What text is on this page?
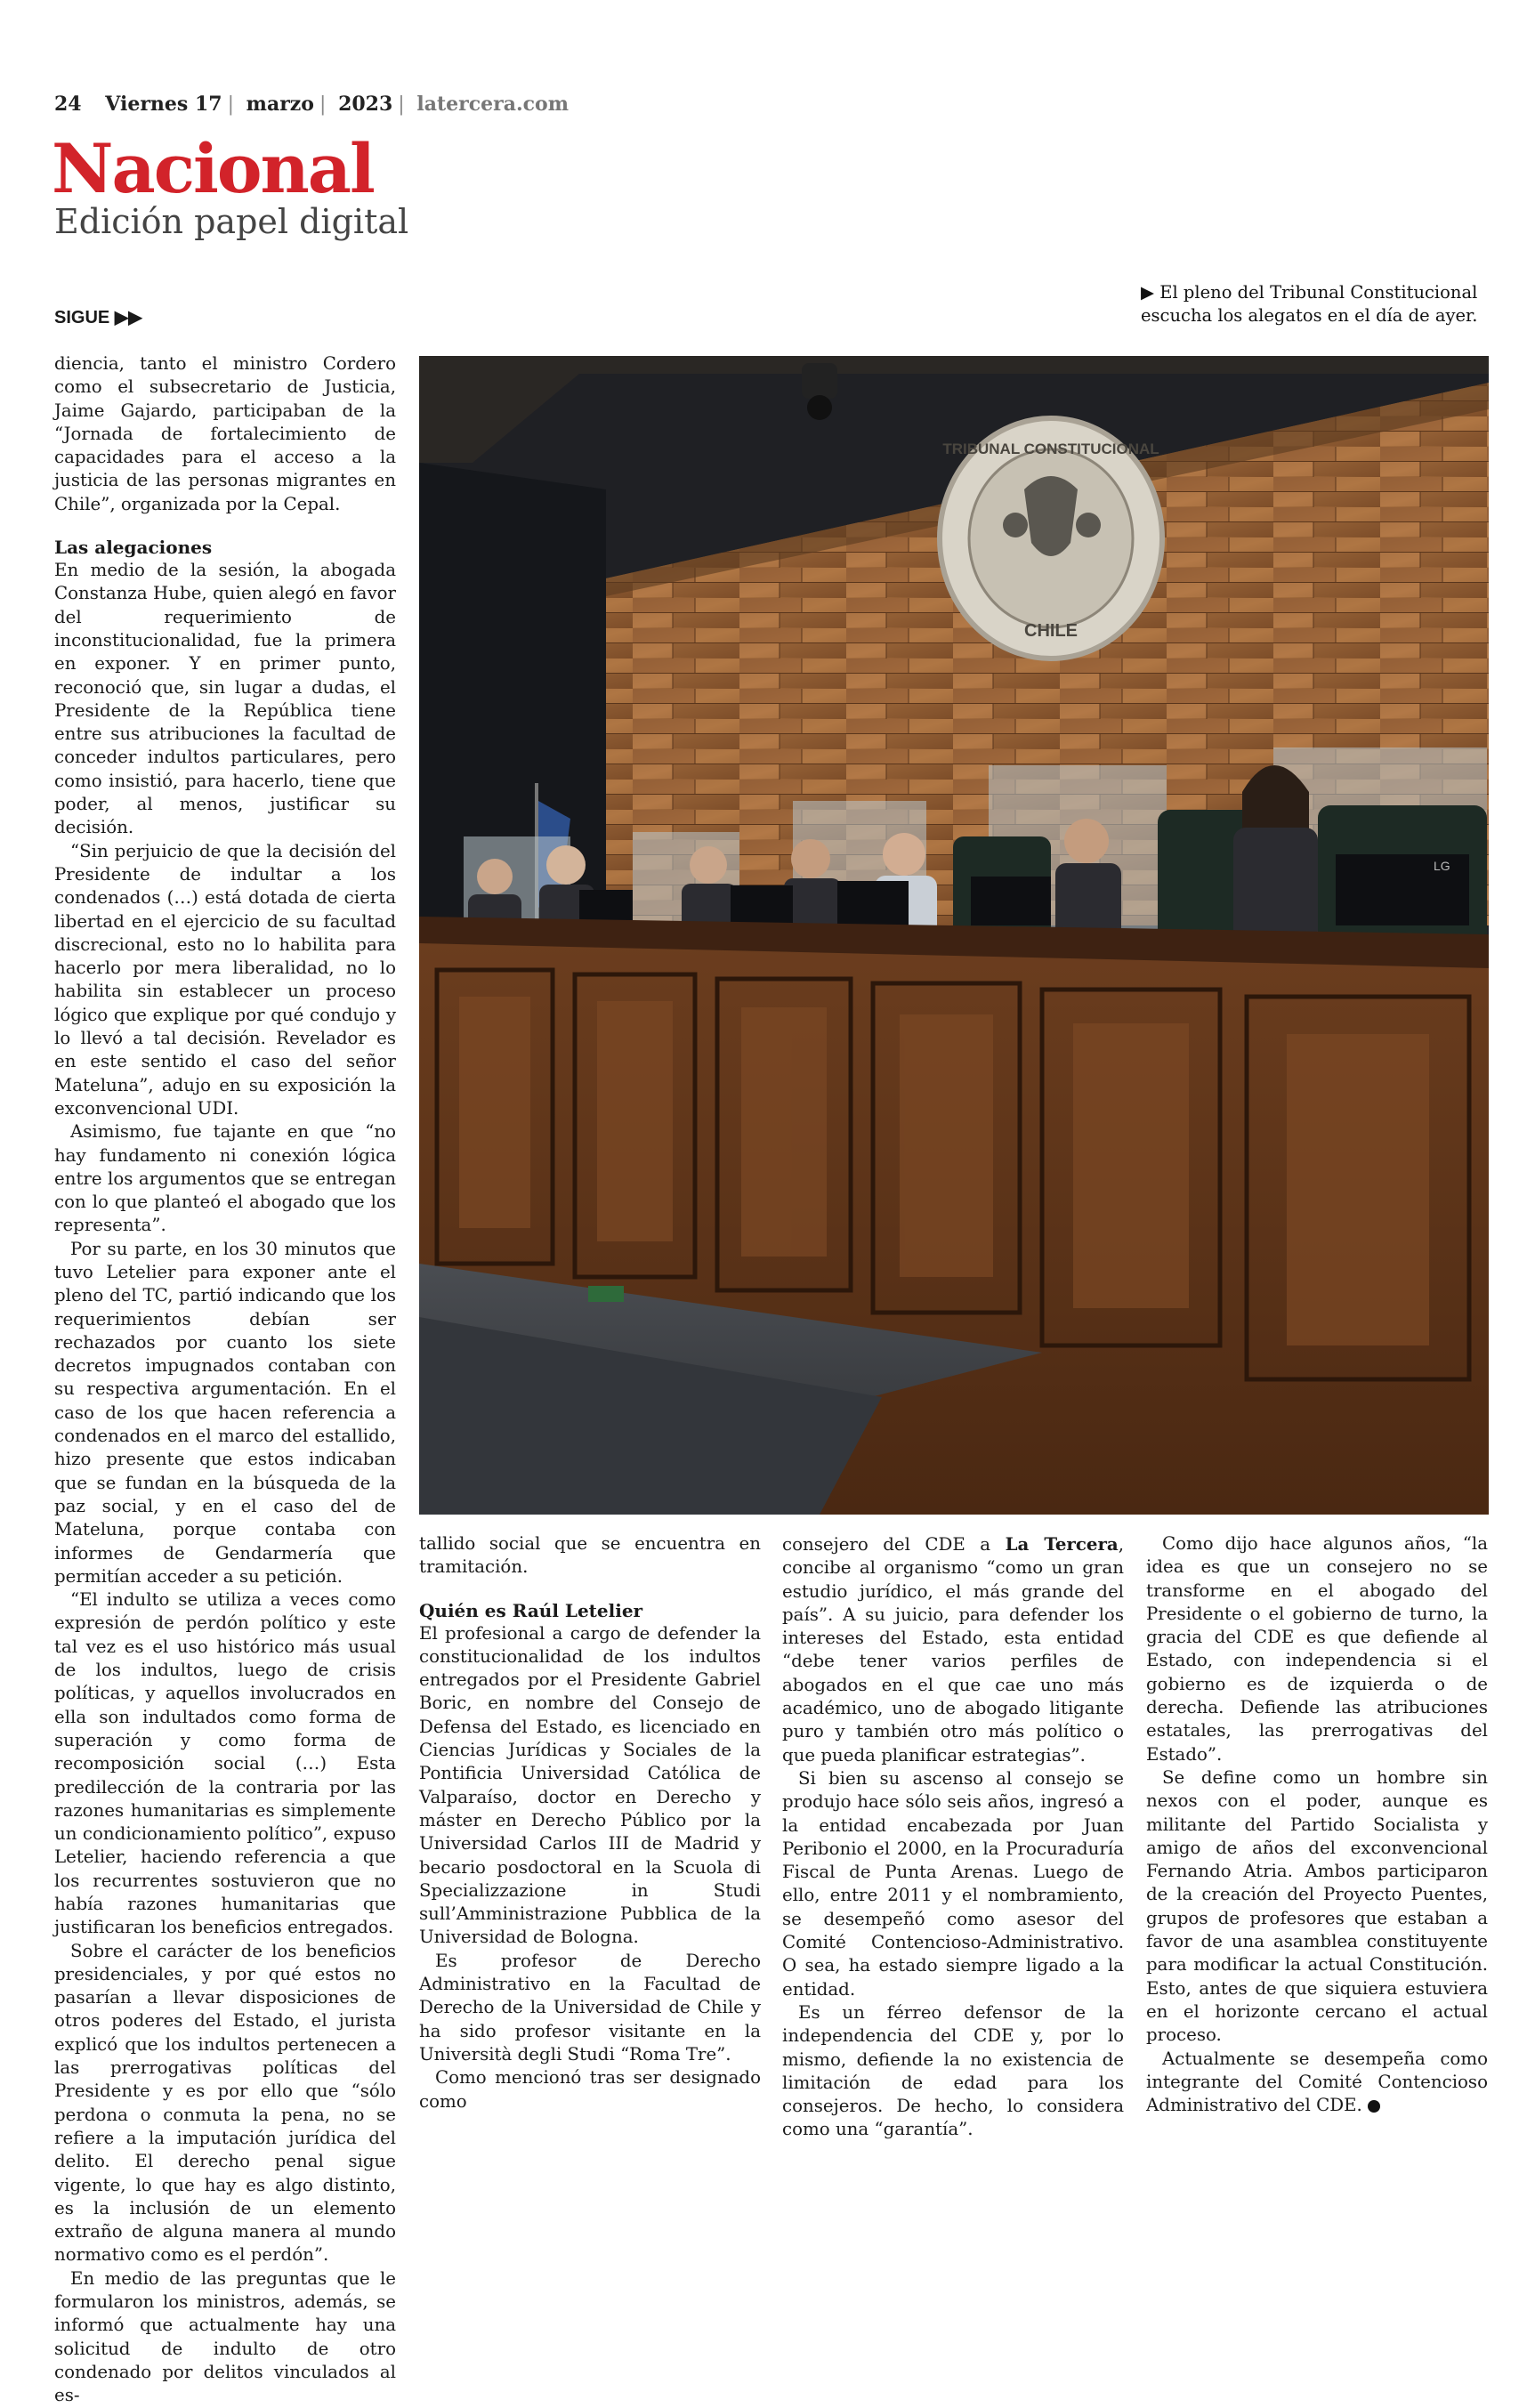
24 Viernes 17 | marzo | 2023 | latercera.com
Nacional
Edición papel digital
SIGUE ▶▶
▶ El pleno del Tribunal Constitucional escucha los alegatos en el día de ayer.
TRIBUNAL CONSTITUCIONAL
CHILE
LG

diencia, tanto el ministro Cordero como el subsecretario de Justicia, Jaime Gajardo, participaban de la “Jornada de fortalecimiento de capacidades para el acceso a la justicia de las personas migrantes en Chile”, organizada por la Cepal.

Las alegaciones

En medio de la sesión, la abogada Constanza Hube, quien alegó en favor del requerimiento de inconstitucionalidad, fue la primera en exponer. Y en primer punto, reconoció que, sin lugar a dudas, el Presidente de la República tiene entre sus atribuciones la facultad de conceder indultos particulares, pero como insistió, para hacerlo, tiene que poder, al menos, justificar su decisión.

“Sin perjuicio de que la decisión del Presidente de indultar a los condenados (…) está dotada de cierta libertad en el ejercicio de su facultad discrecional, esto no lo habilita para hacerlo por mera liberalidad, no lo habilita sin establecer un proceso lógico que explique por qué condujo y lo llevó a tal decisión. Revelador es en este sentido el caso del señor Mateluna”, adujo en su exposición la exconvencional UDI.

Asimismo, fue tajante en que “no hay fundamento ni conexión lógica entre los argumentos que se entregan con lo que planteó el abogado que los representa”.

Por su parte, en los 30 minutos que tuvo Letelier para exponer ante el pleno del TC, partió indicando que los requerimientos debían ser rechazados por cuanto los siete decretos impugnados contaban con su respectiva argumentación. En el caso de los que hacen referencia a condenados en el marco del estallido, hizo presente que estos indicaban que se fundan en la búsqueda de la paz social, y en el caso del de Mateluna, porque contaba con informes de Gendarmería que permitían acceder a su petición.

“El indulto se utiliza a veces como expresión de perdón político y este tal vez es el uso histórico más usual de los indultos, luego de crisis políticas, y aquellos involucrados en ella son indultados como forma de superación y como forma de recomposición social (…) Esta predilección de la contraria por las razones humanitarias es simplemente un condicionamiento político”, expuso Letelier, haciendo referencia a que los recurrentes sostuvieron que no había razones humanitarias que justificaran los beneficios entregados.

Sobre el carácter de los beneficios presidenciales, y por qué estos no pasarían a llevar disposiciones de otros poderes del Estado, el jurista explicó que los indultos pertenecen a las prerrogativas políticas del Presidente y es por ello que “sólo perdona o conmuta la pena, no se refiere a la imputación jurídica del delito. El derecho penal sigue vigente, lo que hay es algo distinto, es la inclusión de un elemento extraño de alguna manera al mundo normativo como es el perdón”.

En medio de las preguntas que le formularon los ministros, además, se informó que actualmente hay una solicitud de indulto de otro condenado por delitos vinculados al es-

tallido social que se encuentra en tramitación.

Quién es Raúl Letelier

El profesional a cargo de defender la constitucionalidad de los indultos entregados por el Presidente Gabriel Boric, en nombre del Consejo de Defensa del Estado, es licenciado en Ciencias Jurídicas y Sociales de la Pontificia Universidad Católica de Valparaíso, doctor en Derecho y máster en Derecho Público por la Universidad Carlos III de Madrid y becario posdoctoral en la Scuola di Specializzazione in Studi sull’Amministrazione Pubblica de la Universidad de Bologna.

Es profesor de Derecho Administrativo en la Facultad de Derecho de la Universidad de Chile y ha sido profesor visitante en la Università degli Studi “Roma Tre”.

Como mencionó tras ser designado como

consejero del CDE a La Tercera, concibe al organismo “como un gran estudio jurídico, el más grande del país”. A su juicio, para defender los intereses del Estado, esta entidad “debe tener varios perfiles de abogados en el que cae uno más académico, uno de abogado litigante puro y también otro más político o que pueda planificar estrategias”.

Si bien su ascenso al consejo se produjo hace sólo seis años, ingresó a la entidad encabezada por Juan Peribonio el 2000, en la Procuraduría Fiscal de Punta Arenas. Luego de ello, entre 2011 y el nombramiento, se desempeñó como asesor del Comité Contencioso-Administrativo. O sea, ha estado siempre ligado a la entidad.

Es un férreo defensor de la independencia del CDE y, por lo mismo, defiende la no existencia de limitación de edad para los consejeros. De hecho, lo considera como una “garantía”.

Como dijo hace algunos años, “la idea es que un consejero no se transforme en el abogado del Presidente o el gobierno de turno, la gracia del CDE es que defiende al Estado, con independencia si el gobierno es de izquierda o de derecha. Defiende las atribuciones estatales, las prerrogativas del Estado”.

Se define como un hombre sin nexos con el poder, aunque es militante del Partido Socialista y amigo de años del exconvencional Fernando Atria. Ambos participaron de la creación del Proyecto Puentes, grupos de profesores que estaban a favor de una asamblea constituyente para modificar la actual Constitución. Esto, antes de que siquiera estuviera en el horizonte cercano el actual proceso.

Actualmente se desempeña como integrante del Comité Contencioso Administrativo del CDE.
